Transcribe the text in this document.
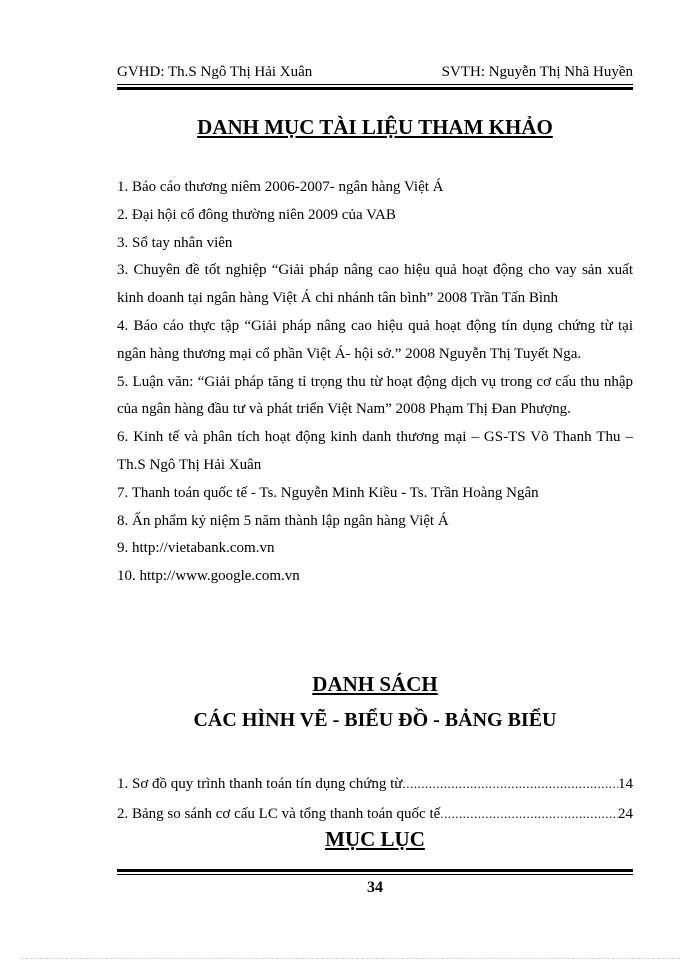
GVHD: Th.S Ngô Thị Hải Xuân	SVTH: Nguyễn Thị Nhã Huyền
DANH MỤC TÀI LIỆU THAM KHẢO
1. Báo cáo thương niêm 2006-2007- ngân hàng Việt Á
2. Đại hội cổ đông thường niên 2009 của VAB
3. Sổ tay nhân viên
3. Chuyên đề tốt nghiệp “Giải pháp nâng cao hiệu quả hoạt động cho vay sản xuất kinh doanh tại ngân hàng Việt Á chi nhánh tân bình” 2008 Trần Tấn Bình
4. Báo cáo thực tập “Giải pháp nâng cao hiệu quả hoạt động tín dụng chứng từ tại ngân hàng thương mại cổ phần Việt Á- hội sở.” 2008 Nguyễn Thị Tuyết Nga.
5. Luận văn: “Giải pháp tăng tỉ trọng thu từ hoạt động dịch vụ trong cơ cấu thu nhập của ngân hàng đầu tư và phát triển Việt Nam” 2008 Phạm Thị Đan Phượng.
6. Kinh tế và phân tích hoạt động kinh danh thương mại – GS-TS Võ Thanh Thu – Th.S Ngô Thị Hải Xuân
7. Thanh toán quốc tế - Ts. Nguyễn Minh Kiều - Ts. Trần Hoàng Ngân
8. Ấn phẩm kỷ niệm 5 năm thành lập ngân hàng Việt Á
9. http://vietabank.com.vn
10. http://www.google.com.vn
DANH SÁCH
CÁC HÌNH VẼ - BIỂU ĐỒ - BẢNG BIỂU
1. Sơ đồ quy trình thanh toán tín dụng chứng từ .....	14
2. Bảng so sánh cơ cấu LC và tổng thanh toán quốc tế .....	24
MỤC LỤC
34
